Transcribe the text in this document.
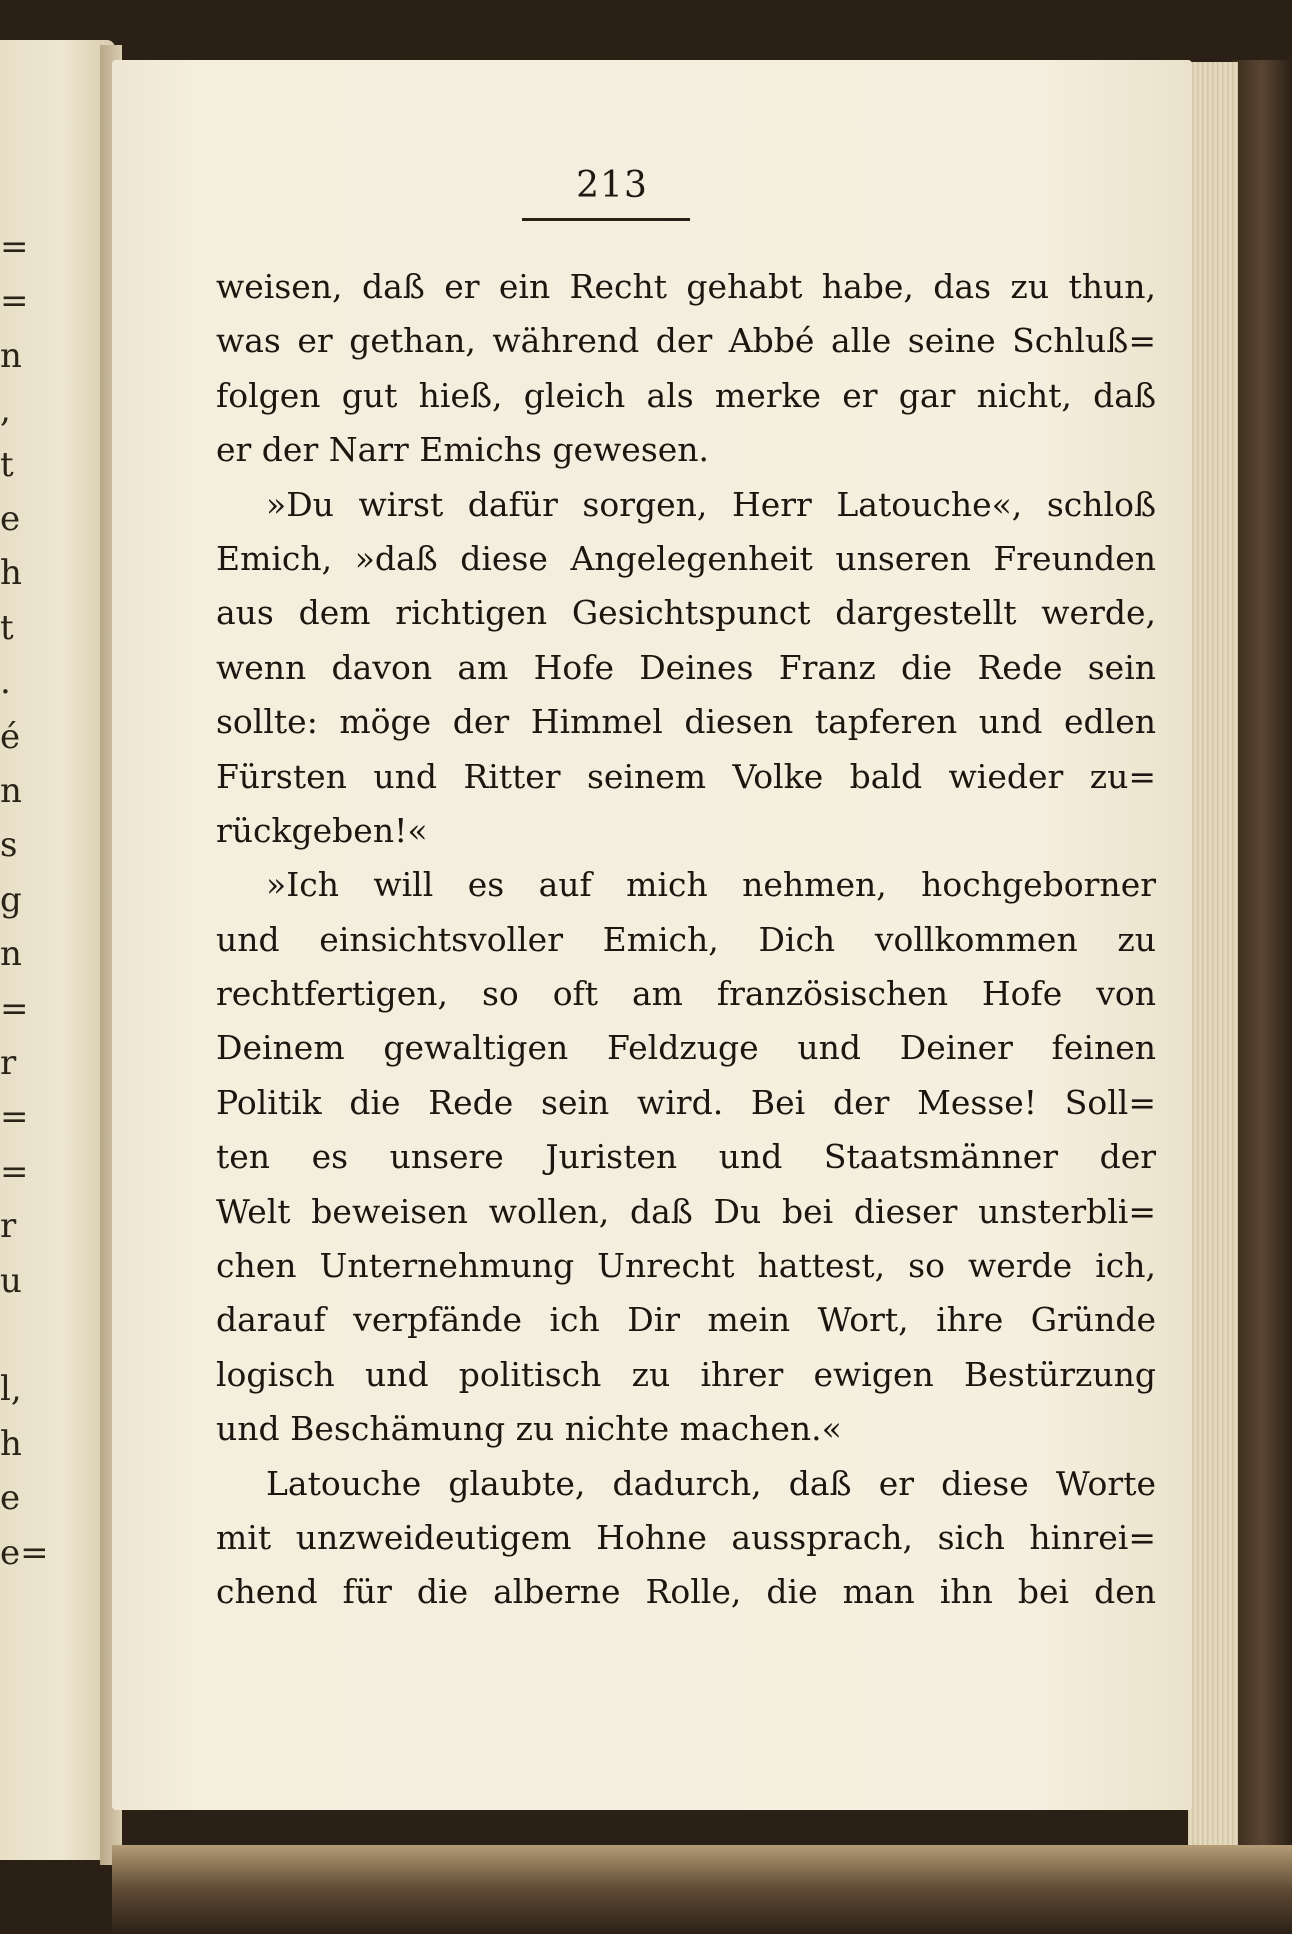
=
=
n
,
t
e
h
t
.
é
n
s
g
n
=
r
=
=
r
u
l,
h
e
e=
213
weisen, daß er ein Recht gehabt habe, das zu thun,
was er gethan, während der Abbé alle seine Schluß=
folgen gut hieß, gleich als merke er gar nicht, daß
er der Narr Emichs gewesen.
»Du wirst dafür sorgen, Herr Latouche«, schloß
Emich, »daß diese Angelegenheit unseren Freunden
aus dem richtigen Gesichtspunct dargestellt werde,
wenn davon am Hofe Deines Franz die Rede sein
sollte: möge der Himmel diesen tapferen und edlen
Fürsten und Ritter seinem Volke bald wieder zu=
rückgeben!«
»Ich will es auf mich nehmen, hochgeborner
und einsichtsvoller Emich, Dich vollkommen zu
rechtfertigen, so oft am französischen Hofe von
Deinem gewaltigen Feldzuge und Deiner feinen
Politik die Rede sein wird. Bei der Messe! Soll=
ten es unsere Juristen und Staatsmänner der
Welt beweisen wollen, daß Du bei dieser unsterbli=
chen Unternehmung Unrecht hattest, so werde ich,
darauf verpfände ich Dir mein Wort, ihre Gründe
logisch und politisch zu ihrer ewigen Bestürzung
und Beschämung zu nichte machen.«
Latouche glaubte, dadurch, daß er diese Worte
mit unzweideutigem Hohne aussprach, sich hinrei=
chend für die alberne Rolle, die man ihn bei den
